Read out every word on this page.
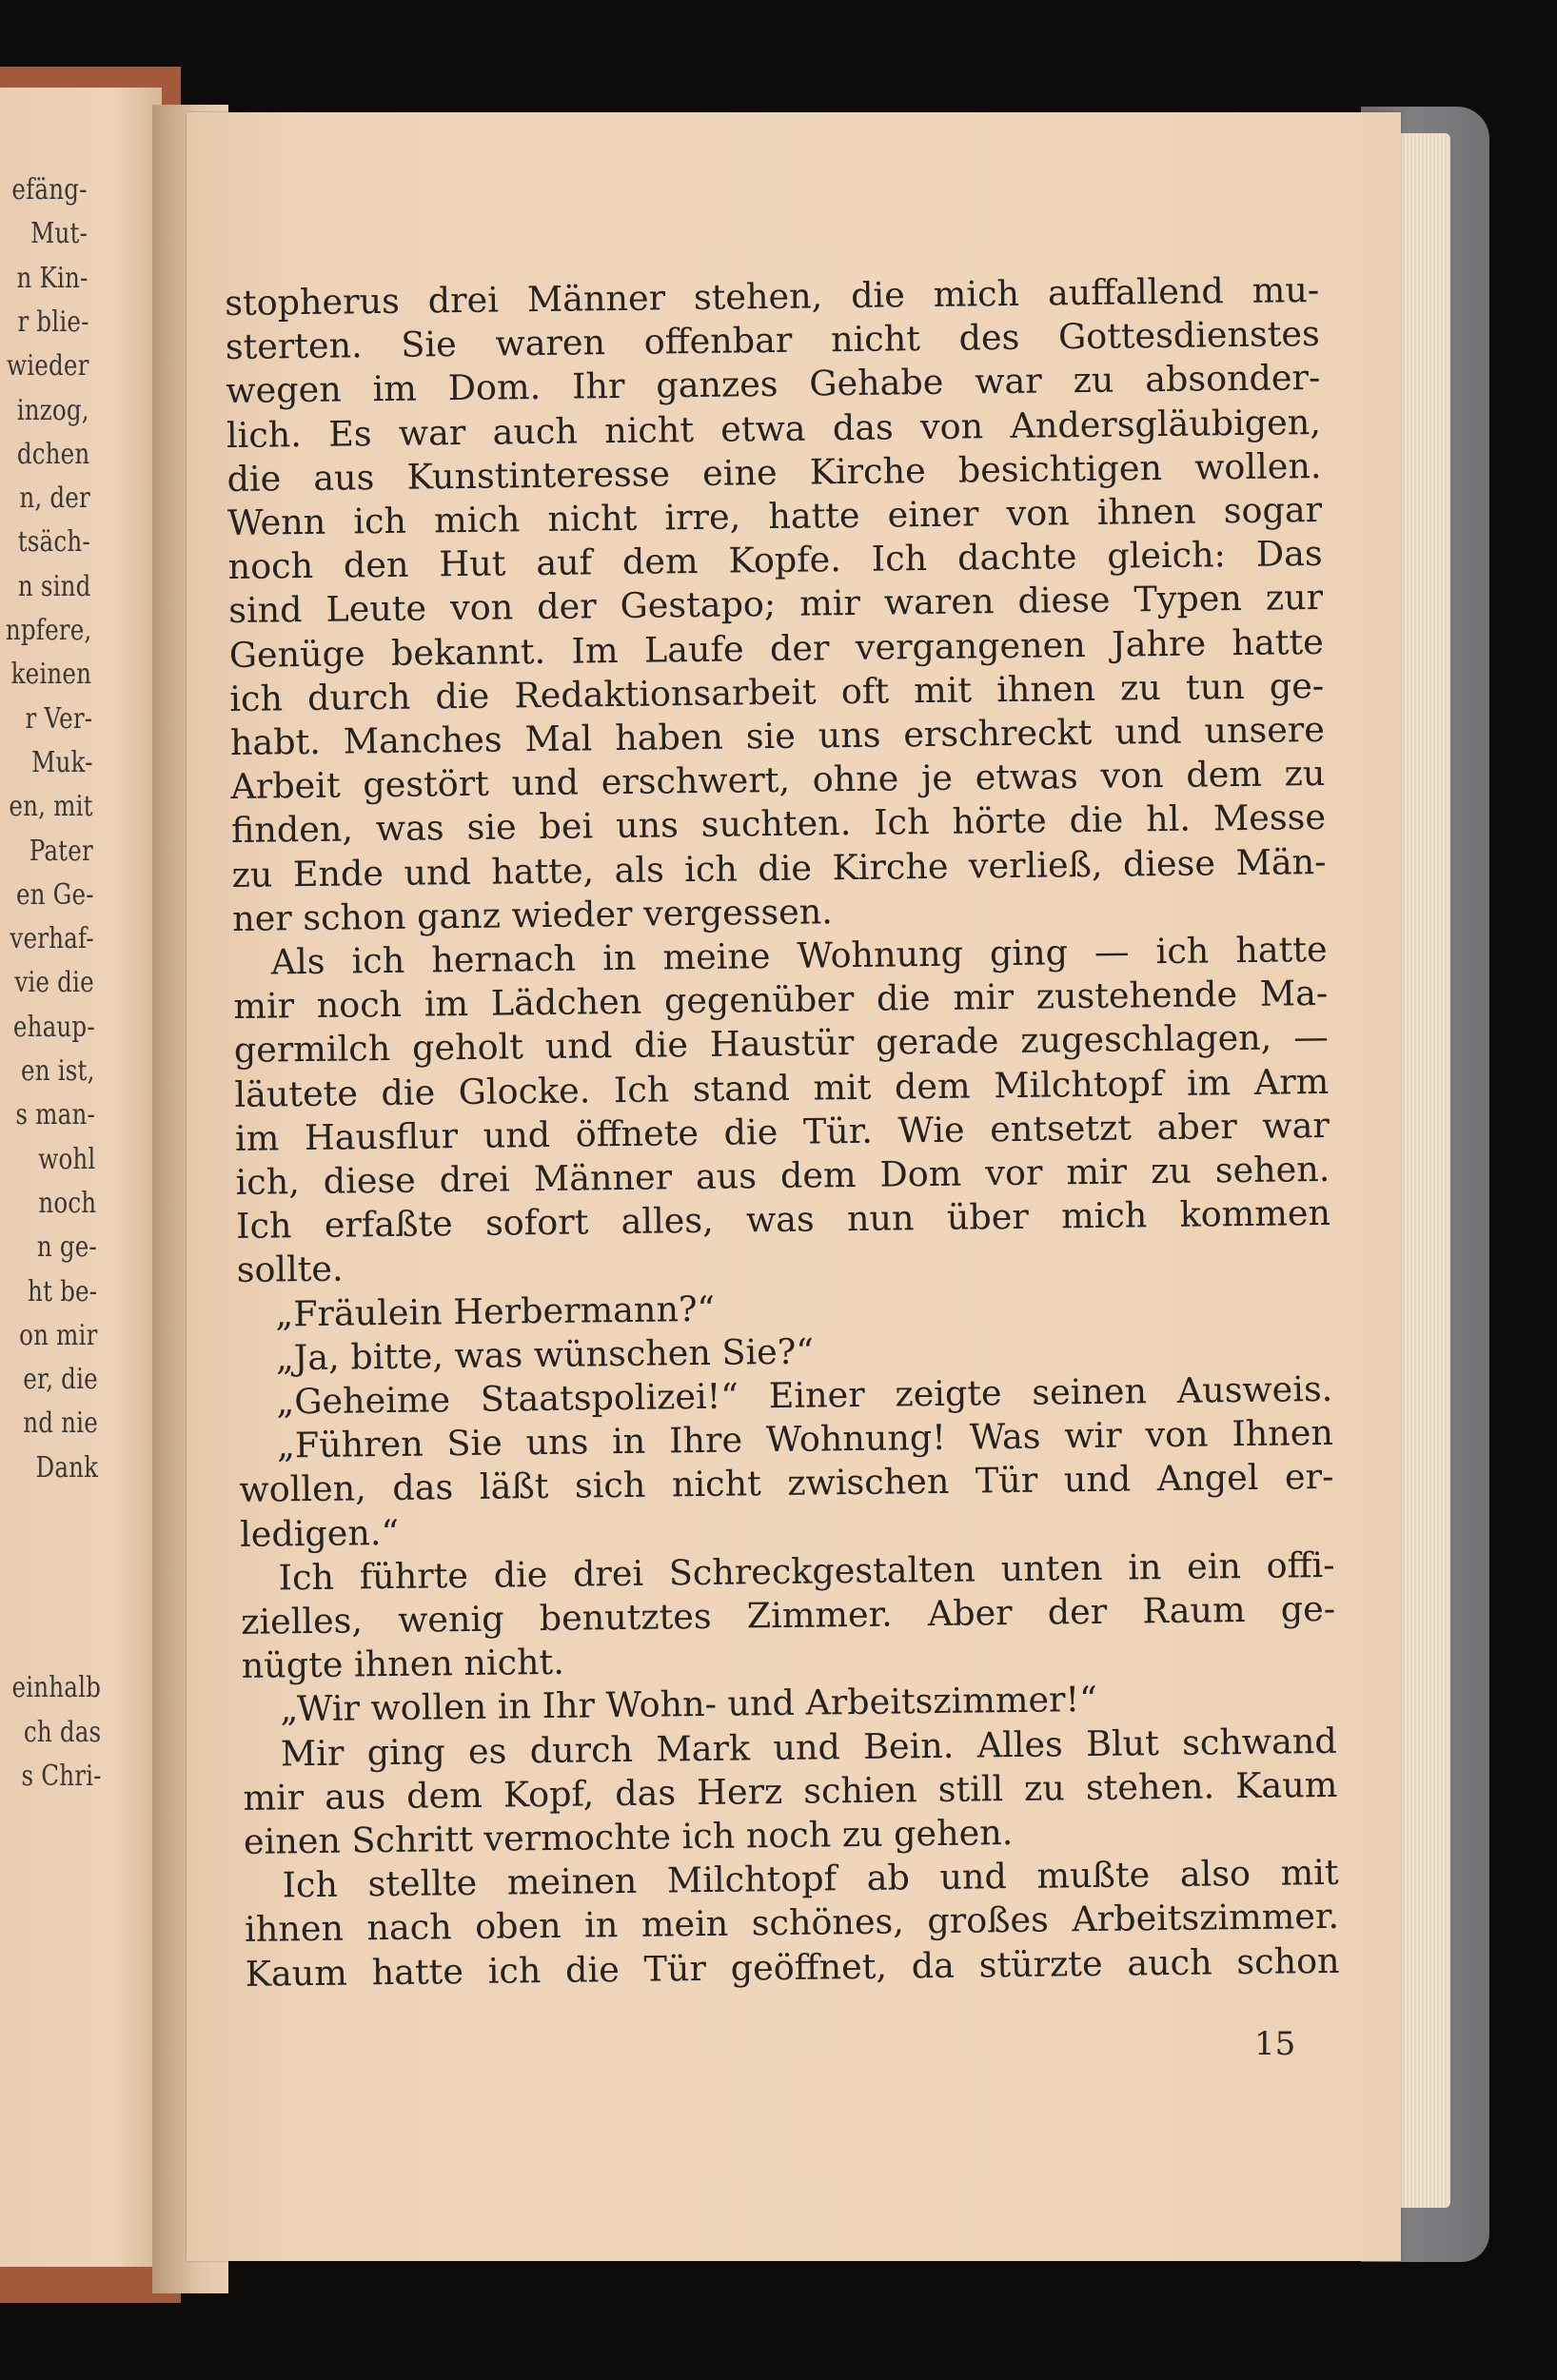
efäng-
Mut-
n Kin-
r blie-
wieder
inzog,
dchen
n, der
tsäch-
n sind
npfere,
keinen
r Ver-
Muk-
en, mit
Pater
en Ge-
verhaf-
vie die
ehaup-
en ist,
s man-
wohl
noch
n ge-
ht be-
on mir
er, die
nd nie
Dank
einhalb
ch das
s Chri-
stopherus drei Männer stehen, die mich auffallend mu-
sterten. Sie waren offenbar nicht des Gottesdienstes
wegen im Dom. Ihr ganzes Gehabe war zu absonder-
lich. Es war auch nicht etwa das von Andersgläubigen,
die aus Kunstinteresse eine Kirche besichtigen wollen.
Wenn ich mich nicht irre, hatte einer von ihnen sogar
noch den Hut auf dem Kopfe. Ich dachte gleich: Das
sind Leute von der Gestapo; mir waren diese Typen zur
Genüge bekannt. Im Laufe der vergangenen Jahre hatte
ich durch die Redaktionsarbeit oft mit ihnen zu tun ge-
habt. Manches Mal haben sie uns erschreckt und unsere
Arbeit gestört und erschwert, ohne je etwas von dem zu
finden, was sie bei uns suchten. Ich hörte die hl. Messe
zu Ende und hatte, als ich die Kirche verließ, diese Män-
ner schon ganz wieder vergessen.
Als ich hernach in meine Wohnung ging — ich hatte
mir noch im Lädchen gegenüber die mir zustehende Ma-
germilch geholt und die Haustür gerade zugeschlagen, —
läutete die Glocke. Ich stand mit dem Milchtopf im Arm
im Hausflur und öffnete die Tür. Wie entsetzt aber war
ich, diese drei Männer aus dem Dom vor mir zu sehen.
Ich erfaßte sofort alles, was nun über mich kommen
sollte.
„Fräulein Herbermann?“
„Ja, bitte, was wünschen Sie?“
„Geheime Staatspolizei!“ Einer zeigte seinen Ausweis.
„Führen Sie uns in Ihre Wohnung! Was wir von Ihnen
wollen, das läßt sich nicht zwischen Tür und Angel er-
ledigen.“
Ich führte die drei Schreckgestalten unten in ein offi-
zielles, wenig benutztes Zimmer. Aber der Raum ge-
nügte ihnen nicht.
„Wir wollen in Ihr Wohn- und Arbeitszimmer!“
Mir ging es durch Mark und Bein. Alles Blut schwand
mir aus dem Kopf, das Herz schien still zu stehen. Kaum
einen Schritt vermochte ich noch zu gehen.
Ich stellte meinen Milchtopf ab und mußte also mit
ihnen nach oben in mein schönes, großes Arbeitszimmer.
Kaum hatte ich die Tür geöffnet, da stürzte auch schon
15
